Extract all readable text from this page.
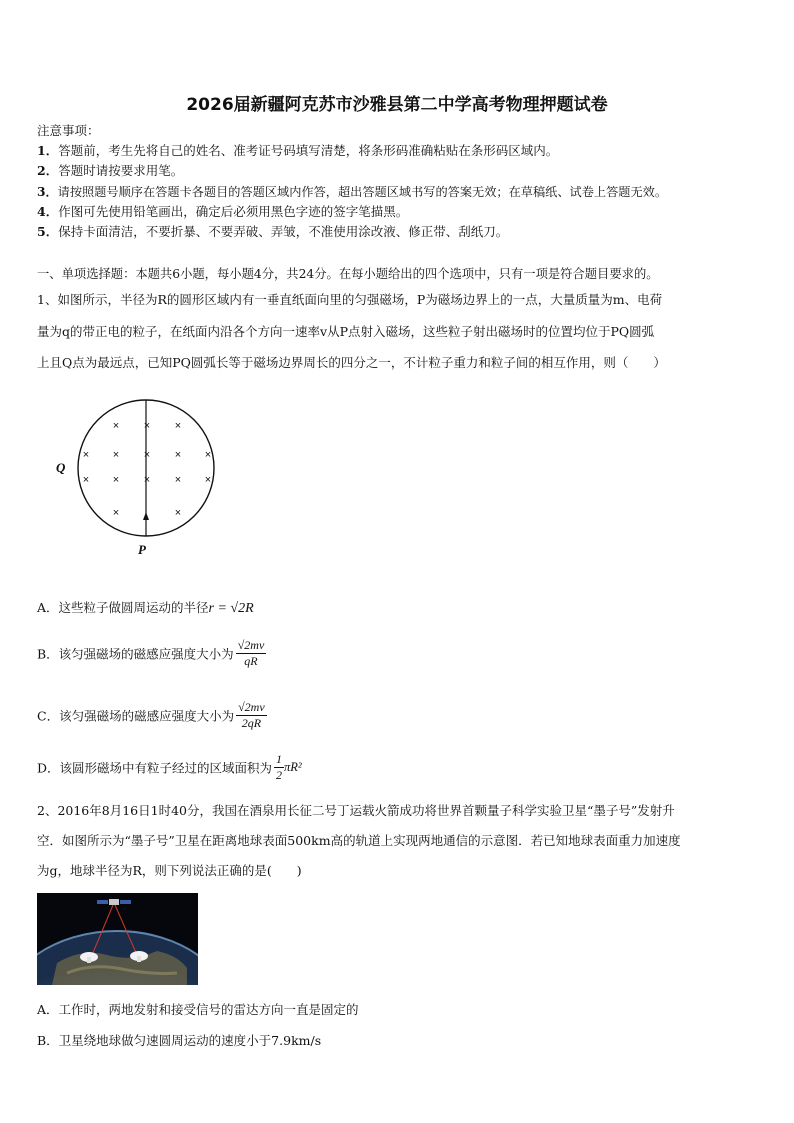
2026届新疆阿克苏市沙雅县第二中学高考物理押题试卷
注意事项：
1．答题前，考生先将自己的姓名、准考证号码填写清楚，将条形码准确粘贴在条形码区域内。
2．答题时请按要求用笔。
3．请按照题号顺序在答题卡各题目的答题区域内作答，超出答题区域书写的答案无效；在草稿纸、试卷上答题无效。
4．作图可先使用铅笔画出，确定后必须用黑色字迹的签字笔描黑。
5．保持卡面清洁，不要折暴、不要弄破、弄皱，不准使用涂改液、修正带、刮纸刀。
一、单项选择题：本题共6小题，每小题4分，共24分。在每小题给出的四个选项中，只有一项是符合题目要求的。
1、如图所示，半径为R的圆形区域内有一垂直纸面向里的匀强磁场，P为磁场边界上的一点，大量质量为m、电荷
量为q的带正电的粒子，在纸面内沿各个方向一速率v从P点射入磁场，这些粒子射出磁场时的位置均位于PQ圆弧
上且Q点为最远点，已知PQ圆弧长等于磁场边界周长的四分之一，不计粒子重力和粒子间的相互作用，则（　　）
× × ×
× × × × ×
× × × × ×
×	×
Q
P
A．这些粒子做圆周运动的半径r = √2R
B．该匀强磁场的磁感应强度大小为 $\frac{√2mv}{qR}$
C．该匀强磁场的磁感应强度大小为 $\frac{√2mv}{2qR}$
D．该圆形磁场中有粒子经过的区域面积为 $\frac{1}{2} \pi R^2$
2、2016年8月16日1时40分，我国在酒泉用长征二号丁运载火箭成功将世界首颗量子科学实验卫星“墨子号”发射升
空．如图所示为“墨子号”卫星在距离地球表面500km高的轨道上实现两地通信的示意图．若已知地球表面重力加速度
为g，地球半径为R，则下列说法正确的是(　　)
A．工作时，两地发射和接受信号的雷达方向一直是固定的
B．卫星绕地球做匀速圆周运动的速度小于7.9km/s
